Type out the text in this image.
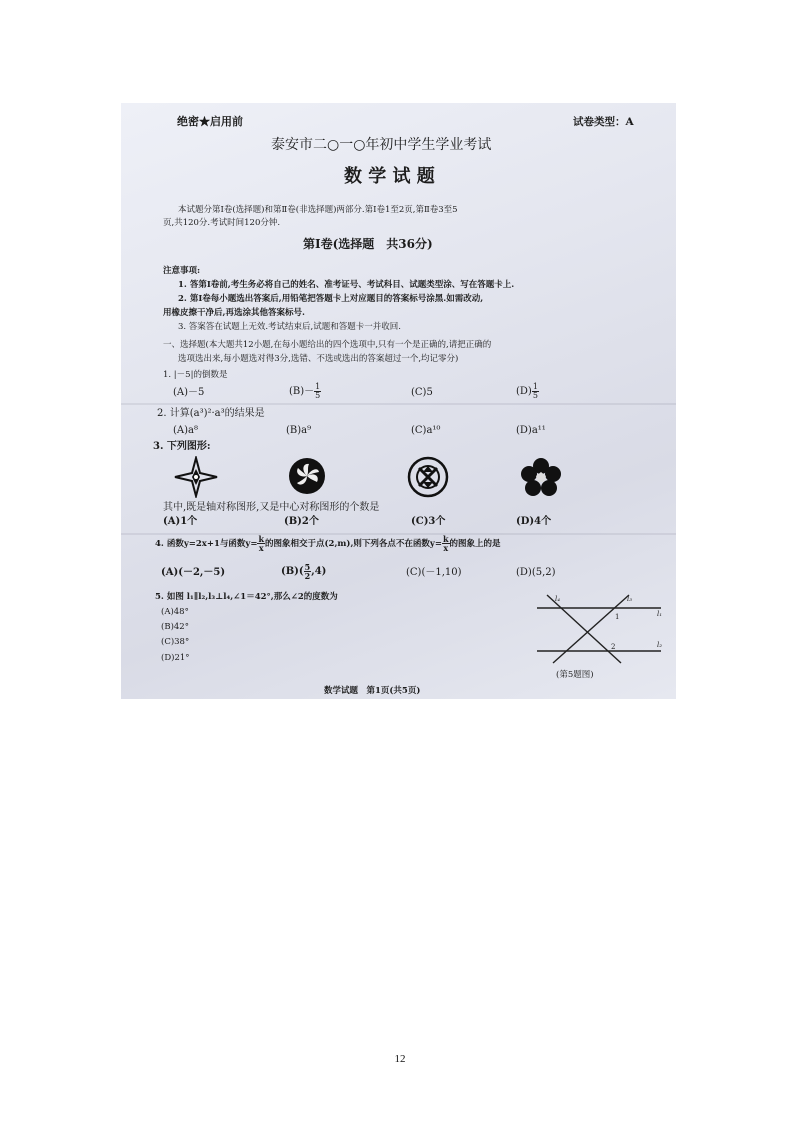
绝密★启用前	试卷类型：A
泰安市二○一○年初中学生学业考试
数 学 试 题
本试题分第Ⅰ卷(选择题)和第Ⅱ卷(非选择题)两部分.第Ⅰ卷1至2页,第Ⅱ卷3至5
页,共120分.考试时间120分钟.
第Ⅰ卷(选择题　共36分)
注意事项:
1. 答第Ⅰ卷前,考生务必将自己的姓名、准考证号、考试科目、试题类型涂、写在答题卡上.
2. 第Ⅰ卷每小题选出答案后,用铅笔把答题卡上对应题目的答案标号涂黑.如需改动,
用橡皮擦干净后,再选涂其他答案标号.
3. 答案答在试题上无效.考试结束后,试题和答题卡一并收回.
一、选择题(本大题共12小题,在每小题给出的四个选项中,只有一个是正确的,请把正确的
选项选出来,每小题选对得3分,选错、不选或选出的答案超过一个,均记零分)
1. |－5|的倒数是
(A)－5	$(B)- \frac{1}{5}$	(C)5	$(D) \frac{1}{5}$
2. 计算(a³)²·a³的结果是
(A)a⁸	(B)a⁹	(C)a¹⁰	(D)a¹¹
3. 下列图形:
其中,既是轴对称图形,又是中心对称图形的个数是
(A)1个	(B)2个	(C)3个	(D)4个
4. 函数y=2x+1与函数$y= \frac{k}{x}$ 的图象相交于点(2,m),则下列各点不在函数$y= \frac{k}{x}$ 的图象上的是
(A)(－2,－5)	$(B)( \frac{5}{2} ,4)$	(C)(－1,10)	(D)(5,2)
5. 如图 l₁∥l₂,l₃⊥l₄,∠1＝42°,那么∠2的度数为
(A)48°
(B)42°
(C)38°
(D)21°
l₄	l₃
l₁
l₂
1
2
(第5题图)
数学试题　第1页(共5页)
12
